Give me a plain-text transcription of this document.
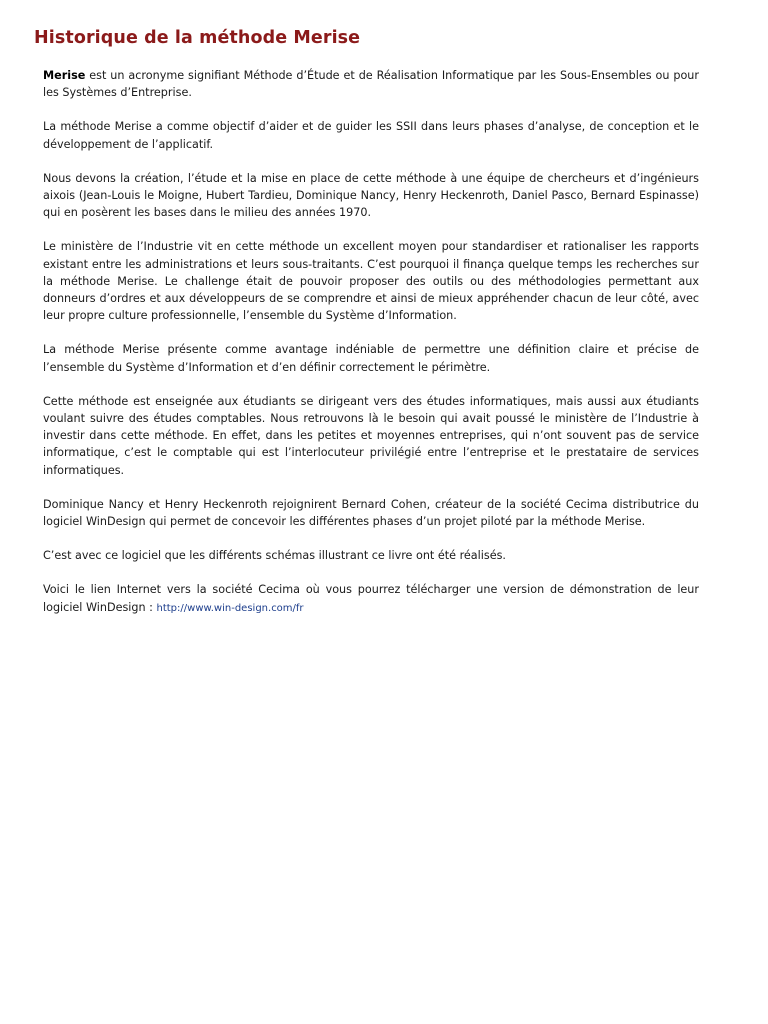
Historique de la méthode Merise

Merise est un acronyme signifiant Méthode d’Étude et de Réalisation Informatique par les Sous-Ensembles ou pour les Systèmes d’Entreprise.

La méthode Merise a comme objectif d’aider et de guider les SSII dans leurs phases d’analyse, de conception et le développement de l’applicatif.

Nous devons la création, l’étude et la mise en place de cette méthode à une équipe de chercheurs et d’ingénieurs aixois (Jean-Louis le Moigne, Hubert Tardieu, Dominique Nancy, Henry Heckenroth, Daniel Pasco, Bernard Espinasse) qui en posèrent les bases dans le milieu des années 1970.

Le ministère de l’Industrie vit en cette méthode un excellent moyen pour standardiser et rationaliser les rapports existant entre les administrations et leurs sous-traitants. C’est pourquoi il finança quelque temps les recherches sur la méthode Merise. Le challenge était de pouvoir proposer des outils ou des méthodologies permettant aux donneurs d’ordres et aux développeurs de se comprendre et ainsi de mieux appréhender chacun de leur côté, avec leur propre culture professionnelle, l’ensemble du Système d’Information.

La méthode Merise présente comme avantage indéniable de permettre une définition claire et précise de l’ensemble du Système d’Information et d’en définir correctement le périmètre.

Cette méthode est enseignée aux étudiants se dirigeant vers des études informatiques, mais aussi aux étudiants voulant suivre des études comptables. Nous retrouvons là le besoin qui avait poussé le ministère de l’Industrie à investir dans cette méthode. En effet, dans les petites et moyennes entreprises, qui n’ont souvent pas de service informatique, c’est le comptable qui est l’interlocuteur privilégié entre l’entreprise et le prestataire de services informatiques.

Dominique Nancy et Henry Heckenroth rejoignirent Bernard Cohen, créateur de la société Cecima distributrice du logiciel WinDesign qui permet de concevoir les différentes phases d’un projet piloté par la méthode Merise.

C’est avec ce logiciel que les différents schémas illustrant ce livre ont été réalisés.

Voici le lien Internet vers la société Cecima où vous pourrez télécharger une version de démonstration de leur logiciel WinDesign : http://www.win-design.com/fr
